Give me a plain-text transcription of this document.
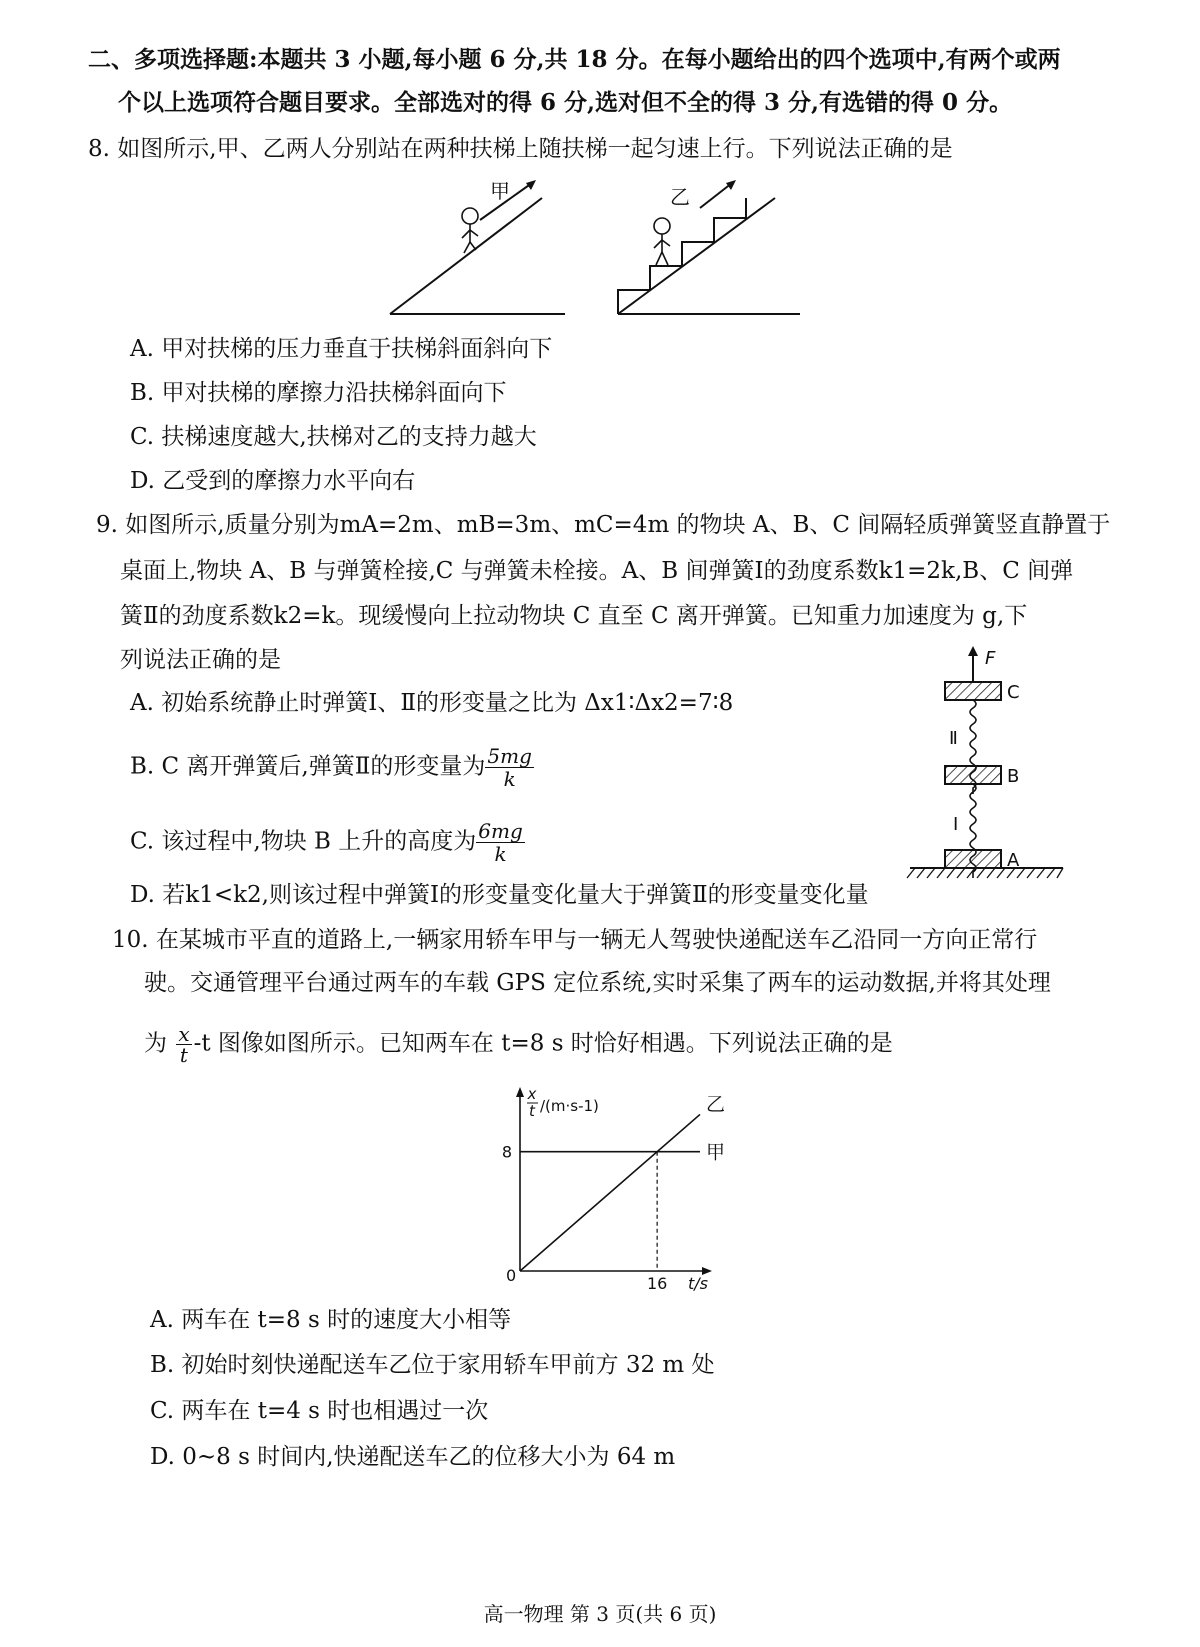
二、多项选择题:本题共 3 小题,每小题 6 分,共 18 分。在每小题给出的四个选项中,有两个或两
个以上选项符合题目要求。全部选对的得 6 分,选对但不全的得 3 分,有选错的得 0 分。
8. 如图所示,甲、乙两人分别站在两种扶梯上随扶梯一起匀速上行。下列说法正确的是
甲	乙
A. 甲对扶梯的压力垂直于扶梯斜面斜向下
B. 甲对扶梯的摩擦力沿扶梯斜面向下
C. 扶梯速度越大,扶梯对乙的支持力越大
D. 乙受到的摩擦力水平向右
9. 如图所示,质量分别为mA=2m、mB=3m、mC=4m 的物块 A、B、C 间隔轻质弹簧竖直静置于
桌面上,物块 A、B 与弹簧栓接,C 与弹簧未栓接。A、B 间弹簧Ⅰ的劲度系数k1=2k,B、C 间弹
簧Ⅱ的劲度系数k2=k。现缓慢向上拉动物块 C 直至 C 离开弹簧。已知重力加速度为 g,下
列说法正确的是
A. 初始系统静止时弹簧Ⅰ、Ⅱ的形变量之比为 Δx1∶Δx2=7∶8
B. C 离开弹簧后,弹簧Ⅱ的形变量为 $\frac{5mg}{k}$
C. 该过程中,物块 B 上升的高度为 $\frac{6mg}{k}$
D. 若k1<k2,则该过程中弹簧Ⅰ的形变量变化量大于弹簧Ⅱ的形变量变化量
F
C
Ⅱ
B
Ⅰ
A
10. 在某城市平直的道路上,一辆家用轿车甲与一辆无人驾驶快递配送车乙沿同一方向正常行
驶。交通管理平台通过两车的车载 GPS 定位系统,实时采集了两车的运动数据,并将其处理
为 $\frac{x}{t} -t$ 图像如图所示。已知两车在 t=8 s 时恰好相遇。下列说法正确的是
x
t /(m·s-1)
t/s
0
甲
乙
8
16
A. 两车在 t=8 s 时的速度大小相等
B. 初始时刻快递配送车乙位于家用轿车甲前方 32 m 处
C. 两车在 t=4 s 时也相遇过一次
D. 0~8 s 时间内,快递配送车乙的位移大小为 64 m
高一物理 第 3 页(共 6 页)
